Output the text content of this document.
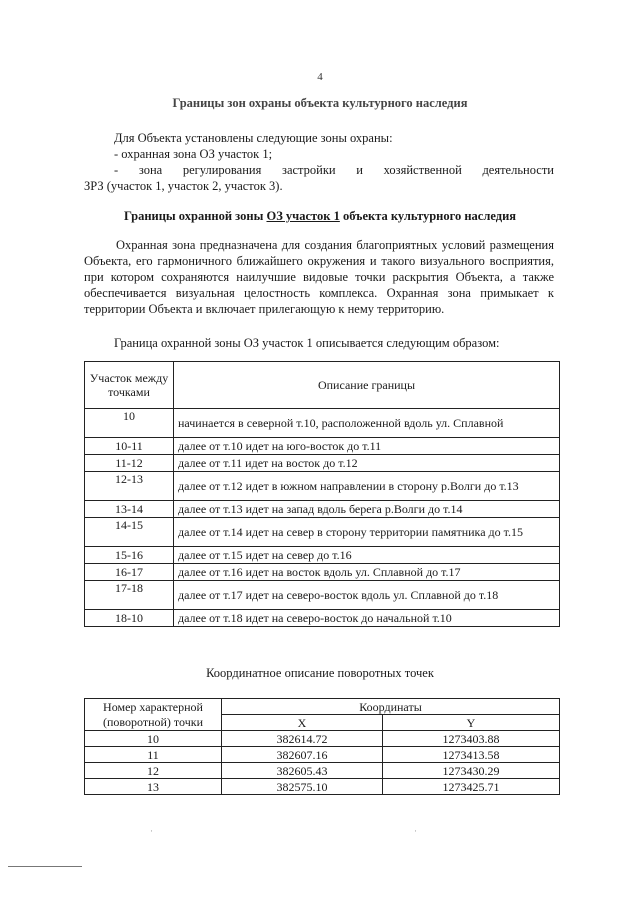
4
Границы зон охраны объекта культурного наследия
Для Объекта установлены следующие зоны охраны:
- охранная зона ОЗ участок 1;
- зона регулирования застройки и хозяйственной деятельности
ЗРЗ (участок 1, участок 2, участок 3).
Границы охранной зоны ОЗ участок 1 объекта культурного наследия
Охранная зона предназначена для создания благоприятных условий размещения Объекта, его гармоничного ближайшего окружения и такого визуального восприятия, при котором сохраняются наилучшие видовые точки раскрытия Объекта, а также обеспечивается визуальная целостность комплекса. Охранная зона примыкает к территории Объекта и включает прилегающую к нему территорию.
Граница охранной зоны ОЗ участок 1 описывается следующим образом:
Участок между точками	Описание границы
10	начинается в северной т.10, расположенной вдоль ул. Сплавной
10-11	далее от т.10 идет на юго-восток до т.11
11-12	далее от т.11 идет на восток до т.12
12-13	далее от т.12 идет в южном направлении в сторону р.Волги до т.13
13-14	далее от т.13 идет на запад вдоль берега р.Волги до т.14
14-15	далее от т.14 идет на север в сторону территории памятника до т.15
15-16	далее от т.15 идет на север до т.16
16-17	далее от т.16 идет на восток вдоль ул. Сплавной до т.17
17-18	далее от т.17 идет на северо-восток вдоль ул. Сплавной до т.18
18-10	далее от т.18 идет на северо-восток до начальной т.10
Координатное описание поворотных точек
Номер характерной (поворотной) точки	Координаты	
	X	Y
10	382614.72	1273403.88
11	382607.16	1273413.58
12	382605.43	1273430.29
13	382575.10	1273425.71
·	·
